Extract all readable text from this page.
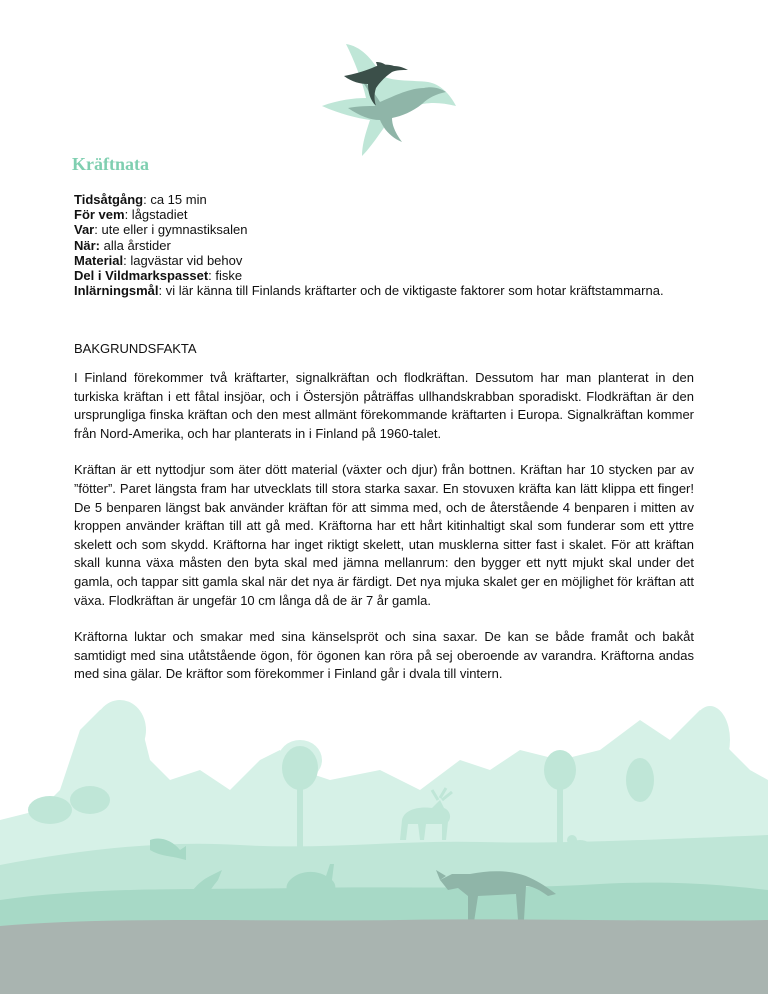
Kräftnata
Tidsåtgång: ca 15 min
För vem: lågstadiet
Var: ute eller i gymnastiksalen
När: alla årstider
Material: lagvästar vid behov
Del i Vildmarkspasset: fiske
Inlärningsmål: vi lär känna till Finlands kräftarter och de viktigaste faktorer som hotar kräftstammarna.
BAKGRUNDSFAKTA

I Finland förekommer två kräftarter, signalkräftan och flodkräftan. Dessutom har man planterat in den turkiska kräftan i ett fåtal insjöar, och i Östersjön påträffas ullhandskrabban sporadiskt. Flodkräftan är den ursprungliga finska kräftan och den mest allmänt förekommande kräftarten i Europa. Signalkräftan kommer från Nord-Amerika, och har planterats in i Finland på 1960-talet.

Kräftan är ett nyttodjur som äter dött material (växter och djur) från bottnen. Kräftan har 10 stycken par av ”fötter”. Paret längsta fram har utvecklats till stora starka saxar. En stovuxen kräfta kan lätt klippa ett finger! De 5 benparen längst bak använder kräftan för att simma med, och de återstående 4 benparen i mitten av kroppen använder kräftan till att gå med. Kräftorna har ett hårt kitinhaltigt skal som funderar som ett yttre skelett och som skydd. Kräftorna har inget riktigt skelett, utan musklerna sitter fast i skalet. För att kräftan skall kunna växa måsten den byta skal med jämna mellanrum: den bygger ett nytt mjukt skal under det gamla, och tappar sitt gamla skal när det nya är färdigt. Det nya mjuka skalet ger en möjlighet för kräftan att växa. Flodkräftan är ungefär 10 cm långa då de är 7 år gamla.

Kräftorna luktar och smakar med sina känselspröt och sina saxar. De kan se både framåt och bakåt samtidigt med sina utåtstående ögon, för ögonen kan röra på sej oberoende av varandra. Kräftorna andas med sina gälar. De kräftor som förekommer i Finland går i dvala till vintern.
